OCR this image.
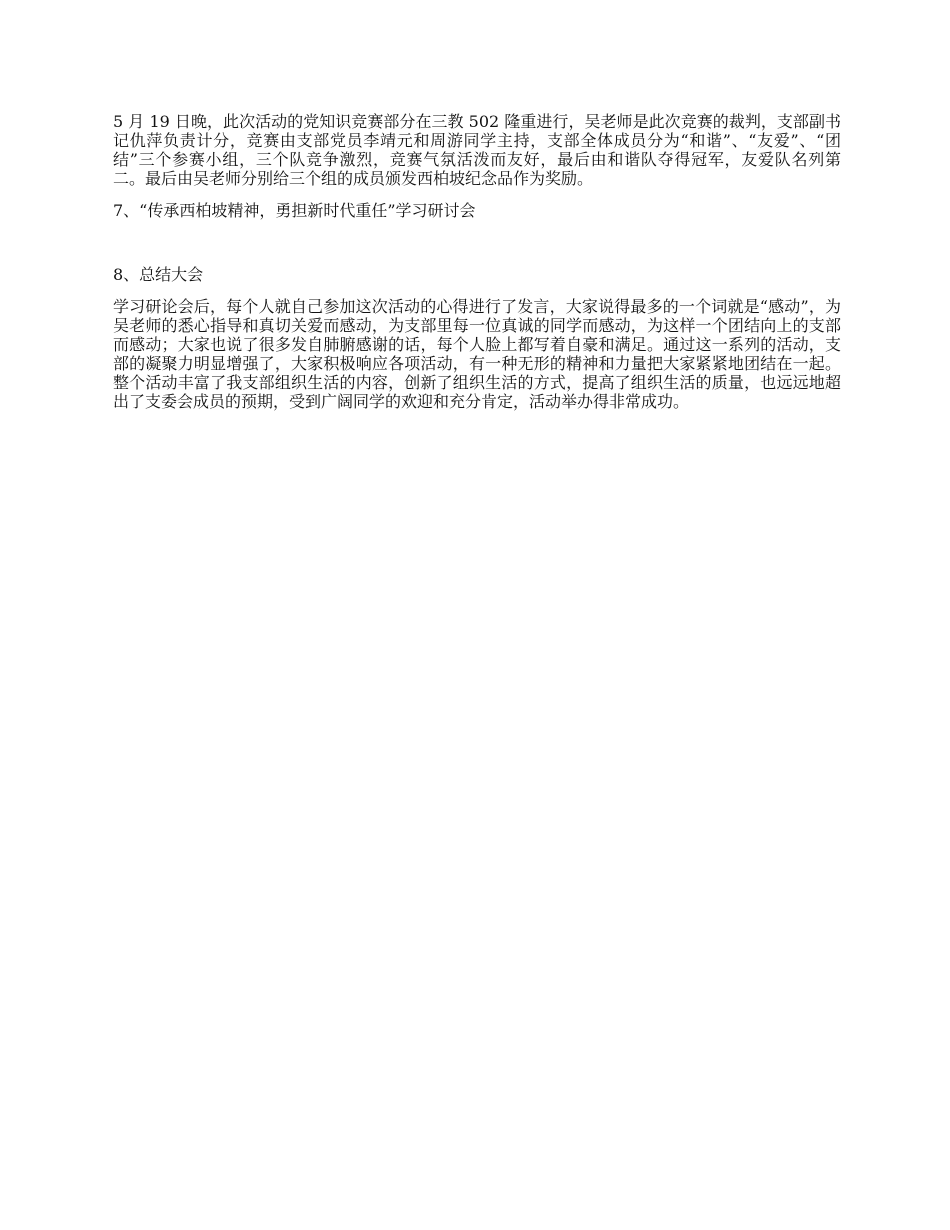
5 月 19 日晚，此次活动的党知识竞赛部分在三教 502 隆重进行，吴老师是此次竞赛的裁判，支部副书记仇萍负责计分，竞赛由支部党员李靖元和周游同学主持，支部全体成员分为“和谐”、“友爱”、“团结”三个参赛小组，三个队竞争激烈，竞赛气氛活泼而友好，最后由和谐队夺得冠军，友爱队名列第二。最后由吴老师分别给三个组的成员颁发西柏坡纪念品作为奖励。

7、“传承西柏坡精神，勇担新时代重任”学习研讨会

8、总结大会

学习研论会后，每个人就自己参加这次活动的心得进行了发言，大家说得最多的一个词就是“感动”，为吴老师的悉心指导和真切关爱而感动，为支部里每一位真诚的同学而感动，为这样一个团结向上的支部而感动；大家也说了很多发自肺腑感谢的话，每个人脸上都写着自豪和满足。通过这一系列的活动，支部的凝聚力明显增强了，大家积极响应各项活动，有一种无形的精神和力量把大家紧紧地团结在一起。整个活动丰富了我支部组织生活的内容，创新了组织生活的方式，提高了组织生活的质量，也远远地超出了支委会成员的预期，受到广阔同学的欢迎和充分肯定，活动举办得非常成功。
